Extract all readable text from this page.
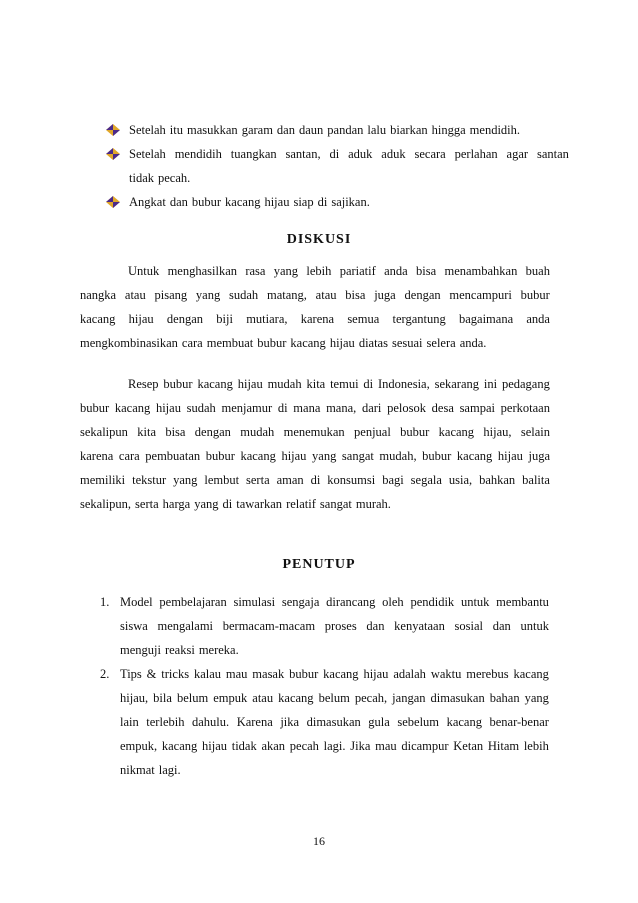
Setelah itu masukkan garam dan daun pandan lalu biarkan hingga mendidih.
Setelah mendidih tuangkan santan, di aduk aduk secara perlahan agar santan
tidak pecah.
Angkat dan bubur kacang hijau siap di sajikan.
DISKUSI
Untuk menghasilkan rasa yang lebih pariatif anda bisa menambahkan buah
nangka atau pisang yang sudah matang, atau bisa juga dengan mencampuri bubur
kacang hijau dengan biji mutiara, karena semua tergantung bagaimana anda
mengkombinasikan cara membuat bubur kacang hijau diatas sesuai selera anda.
Resep bubur kacang hijau mudah kita temui di Indonesia, sekarang ini pedagang
bubur kacang hijau sudah menjamur di mana mana, dari pelosok desa sampai perkotaan
sekalipun kita bisa dengan mudah menemukan penjual bubur kacang hijau, selain
karena cara pembuatan bubur kacang hijau yang sangat mudah, bubur kacang hijau juga
memiliki tekstur yang lembut serta aman di konsumsi bagi segala usia, bahkan balita
sekalipun, serta harga yang di tawarkan relatif sangat murah.
PENUTUP
1. Model pembelajaran simulasi sengaja dirancang oleh pendidik untuk membantu
siswa mengalami bermacam-macam proses dan kenyataan sosial dan untuk
menguji reaksi mereka.
2. Tips & tricks kalau mau masak bubur kacang hijau adalah waktu merebus kacang
hijau, bila belum empuk atau kacang belum pecah, jangan dimasukan bahan yang
lain terlebih dahulu. Karena jika dimasukan gula sebelum kacang benar-benar
empuk, kacang hijau tidak akan pecah lagi. Jika mau dicampur Ketan Hitam lebih
nikmat lagi.
16
